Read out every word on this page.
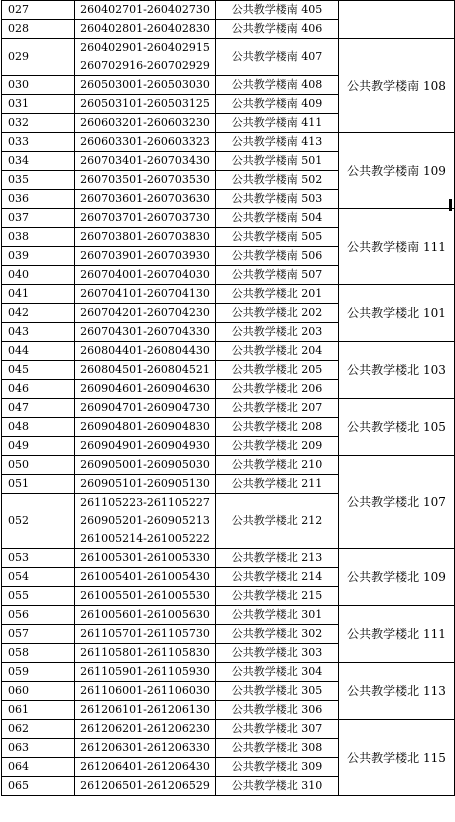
027	260402701-260402730	公共教学楼南 405	
028	260402801-260402830	公共教学楼南 406	
029	260402901-260402915
260702916-260702929	公共教学楼南 407	公共教学楼南 108
030	260503001-260503030	公共教学楼南 408	
031	260503101-260503125	公共教学楼南 409	
032	260603201-260603230	公共教学楼南 411	
033	260603301-260603323	公共教学楼南 413	公共教学楼南 109
034	260703401-260703430	公共教学楼南 501	
035	260703501-260703530	公共教学楼南 502	
036	260703601-260703630	公共教学楼南 503	
037	260703701-260703730	公共教学楼南 504	公共教学楼南 111
038	260703801-260703830	公共教学楼南 505	
039	260703901-260703930	公共教学楼南 506	
040	260704001-260704030	公共教学楼南 507	
041	260704101-260704130	公共教学楼北 201	公共教学楼北 101
042	260704201-260704230	公共教学楼北 202	
043	260704301-260704330	公共教学楼北 203	
044	260804401-260804430	公共教学楼北 204	公共教学楼北 103
045	260804501-260804521	公共教学楼北 205	
046	260904601-260904630	公共教学楼北 206	
047	260904701-260904730	公共教学楼北 207	公共教学楼北 105
048	260904801-260904830	公共教学楼北 208	
049	260904901-260904930	公共教学楼北 209	
050	260905001-260905030	公共教学楼北 210	公共教学楼北 107
051	260905101-260905130	公共教学楼北 211	
052	261105223-261105227
260905201-260905213
261005214-261005222	公共教学楼北 212	
053	261005301-261005330	公共教学楼北 213	公共教学楼北 109
054	261005401-261005430	公共教学楼北 214	
055	261005501-261005530	公共教学楼北 215	
056	261005601-261005630	公共教学楼北 301	公共教学楼北 111
057	261105701-261105730	公共教学楼北 302	
058	261105801-261105830	公共教学楼北 303	
059	261105901-261105930	公共教学楼北 304	公共教学楼北 113
060	261106001-261106030	公共教学楼北 305	
061	261206101-261206130	公共教学楼北 306	
062	261206201-261206230	公共教学楼北 307	公共教学楼北 115
063	261206301-261206330	公共教学楼北 308	
064	261206401-261206430	公共教学楼北 309	
065	261206501-261206529	公共教学楼北 310	
